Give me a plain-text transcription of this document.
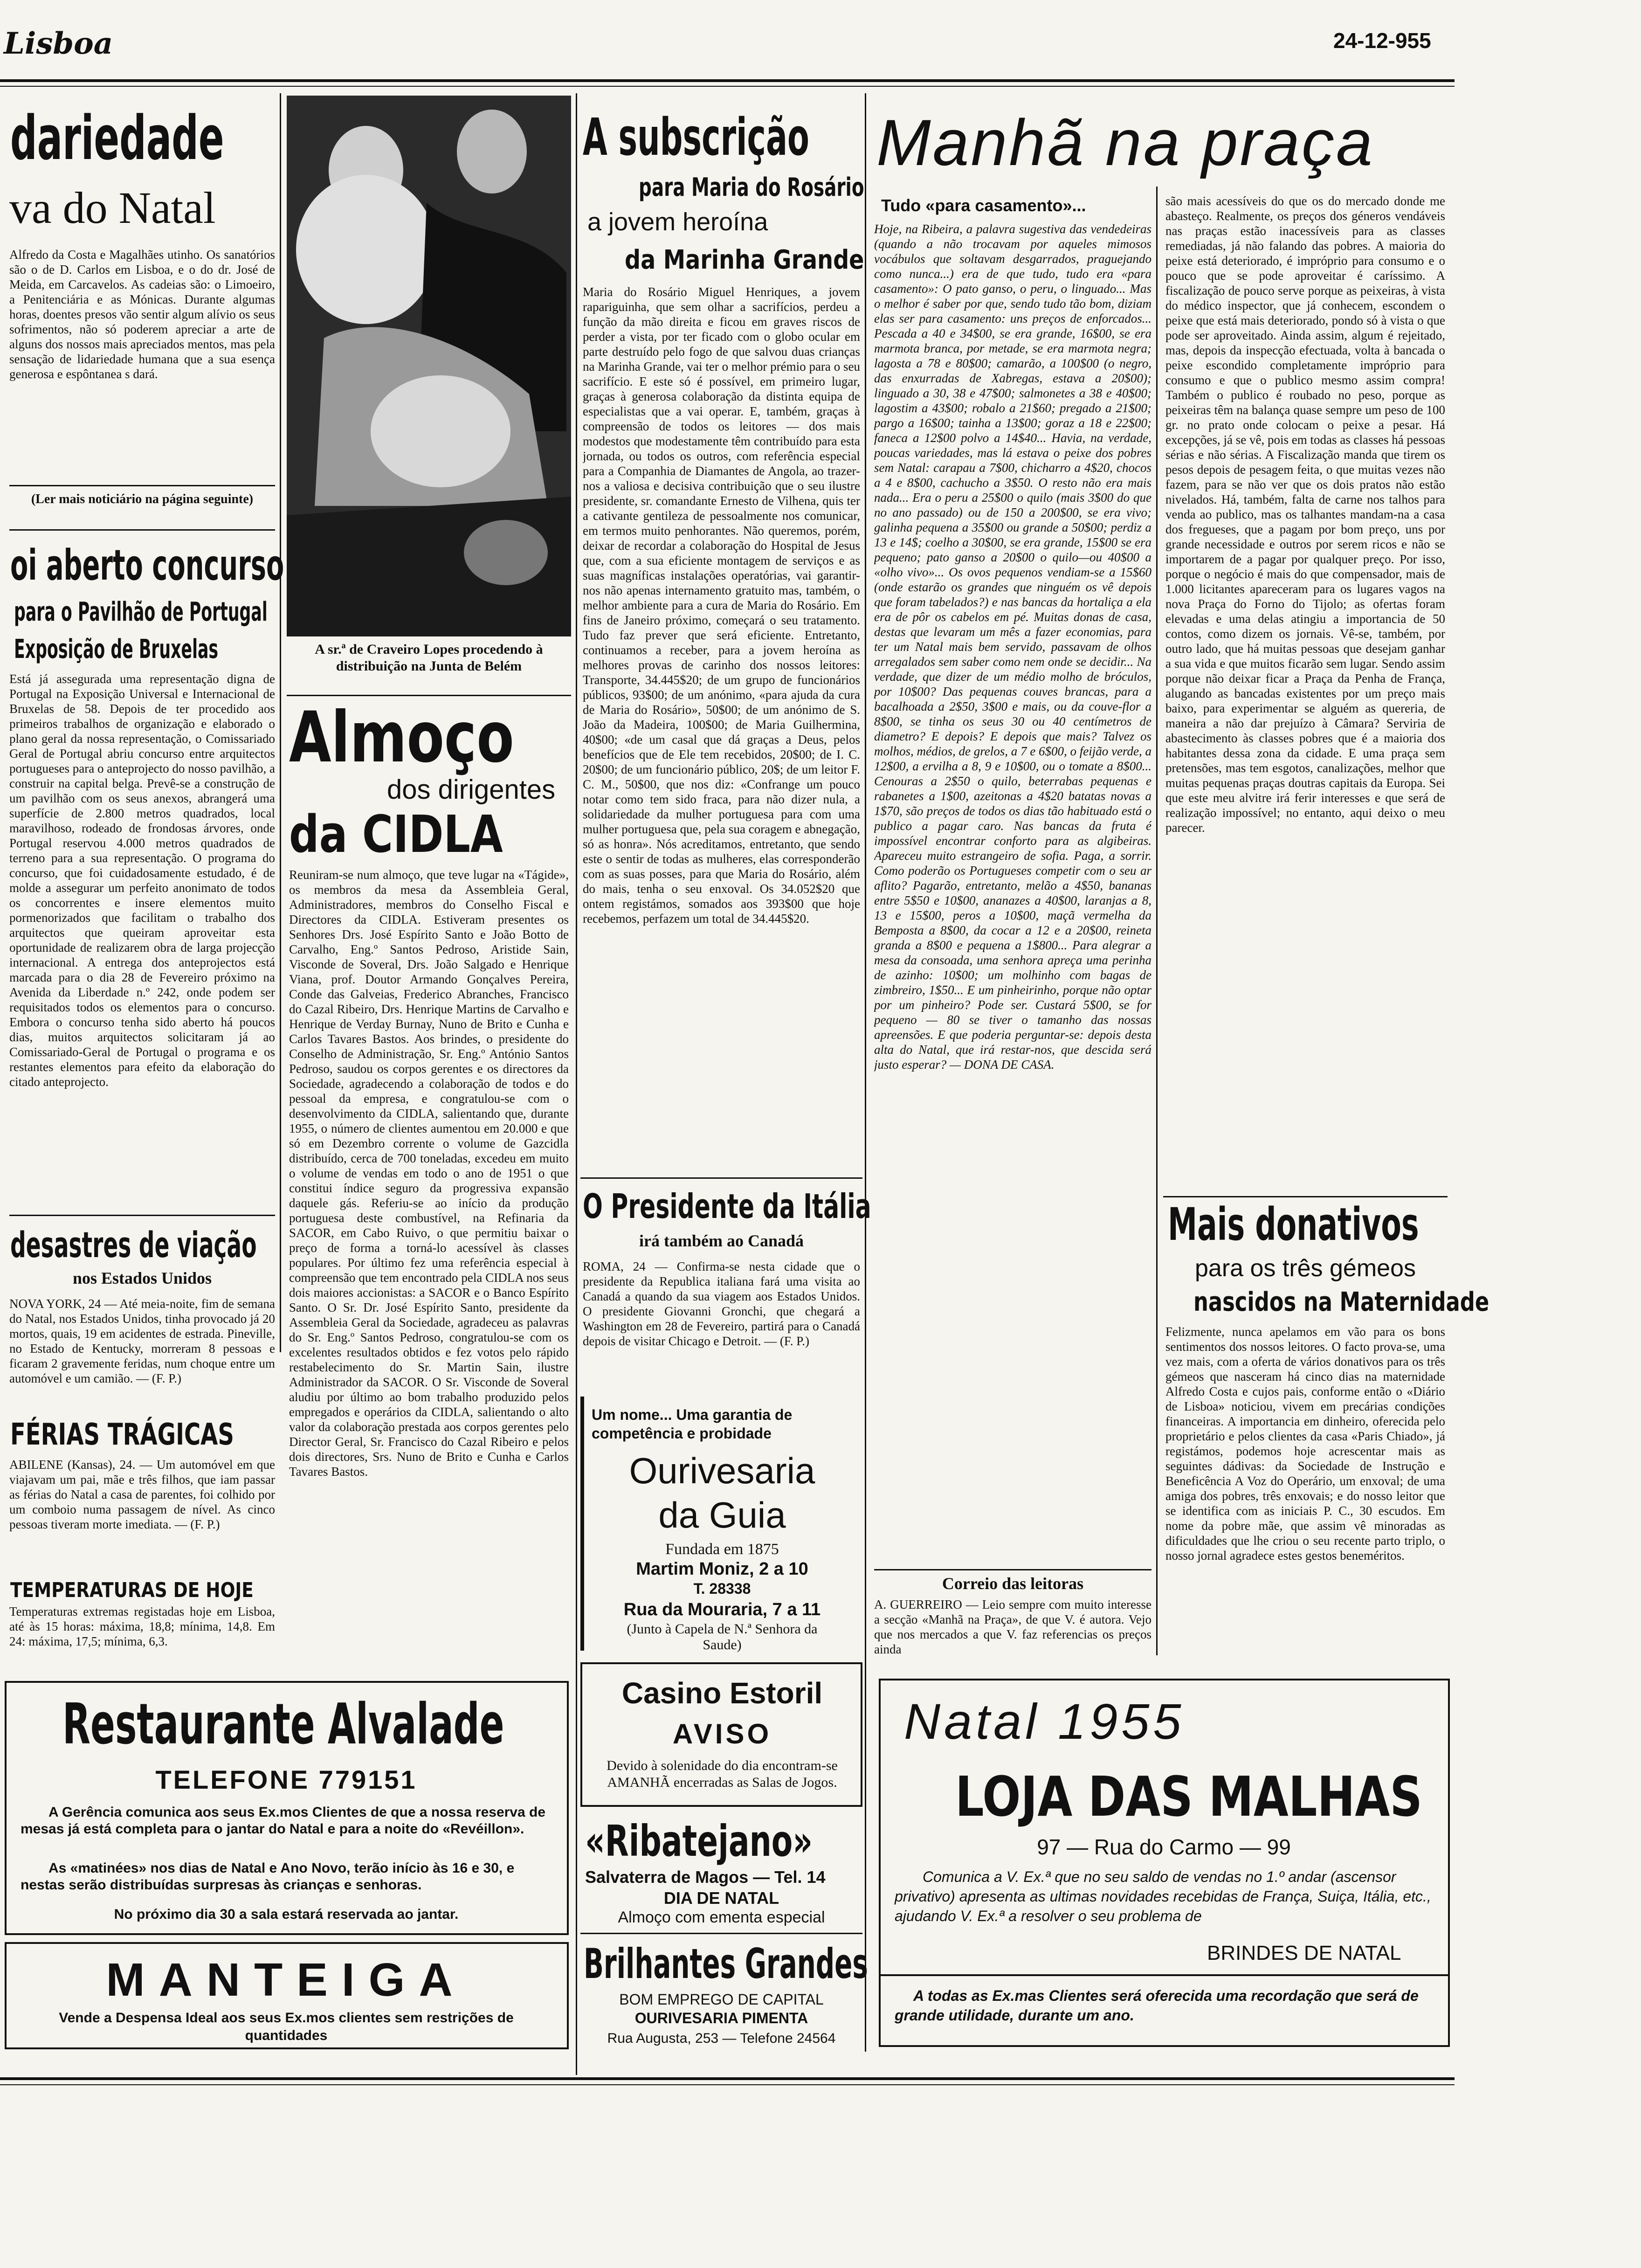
Lisboa	24-12-955
dariedade
va do Natal
Alfredo da Costa e Magalhães utinho. Os sanatórios são o de D. Carlos em Lisboa, e o do dr. José de Meida, em Carcavelos. As cadeias são: o Limoeiro, a Penitenciária e as Mónicas. Durante algumas horas, doentes presos vão sentir algum alívio os seus sofrimentos, não só poderem apreciar a arte de alguns dos nossos mais apreciados mentos, mas pela sensação de lidariedade humana que a sua esença generosa e espôntanea s dará.
(Ler mais noticiário na página seguinte)
oi aberto concurso
para o Pavilhão de Portugal
Exposição de Bruxelas
Está já assegurada uma representação digna de Portugal na Exposição Universal e Internacional de Bruxelas de 58. Depois de ter procedido aos primeiros trabalhos de organização e elaborado o plano geral da nossa representação, o Comissariado Geral de Portugal abriu concurso entre arquitectos portugueses para o anteprojecto do nosso pavilhão, a construir na capital belga. Prevê-se a construção de um pavilhão com os seus anexos, abrangerá uma superfície de 2.800 metros quadrados, local maravilhoso, rodeado de frondosas árvores, onde Portugal reservou 4.000 metros quadrados de terreno para a sua representação. O programa do concurso, que foi cuidadosamente estudado, é de molde a assegurar um perfeito anonimato de todos os concorrentes e insere elementos muito pormenorizados que facilitam o trabalho dos arquitectos que queiram aproveitar esta oportunidade de realizarem obra de larga projecção internacional. A entrega dos anteprojectos está marcada para o dia 28 de Fevereiro próximo na Avenida da Liberdade n.º 242, onde podem ser requisitados todos os elementos para o concurso. Embora o concurso tenha sido aberto há poucos dias, muitos arquitectos solicitaram já ao Comissariado-Geral de Portugal o programa e os restantes elementos para efeito da elaboração do citado anteprojecto.
desastres de viação
nos Estados Unidos
NOVA YORK, 24 — Até meia-noite, fim de semana do Natal, nos Estados Unidos, tinha provocado já 20 mortos, quais, 19 em acidentes de estrada. Pineville, no Estado de Kentucky, morreram 8 pessoas e ficaram 2 gravemente feridas, num choque entre um automóvel e um camião. — (F. P.)
FÉRIAS TRÁGICAS
ABILENE (Kansas), 24. — Um automóvel em que viajavam um pai, mãe e três filhos, que iam passar as férias do Natal a casa de parentes, foi colhido por um comboio numa passagem de nível. As cinco pessoas tiveram morte imediata. — (F. P.)
TEMPERATURAS DE HOJE
Temperaturas extremas registadas hoje em Lisboa, até às 15 horas: máxima, 18,8; mínima, 14,8. Em 24: máxima, 17,5; mínima, 6,3.
Restaurante Alvalade
TELEFONE 779151
A Gerência comunica aos seus Ex.mos Clientes de que a nossa reserva de mesas já está completa para o jantar do Natal e para a noite do «Revéillon».
As «matinées» nos dias de Natal e Ano Novo, terão início às 16 e 30, e nestas serão distribuídas surpresas às crianças e senhoras.
No próximo dia 30 a sala estará reservada ao jantar.
MANTEIGA
Vende a Despensa Ideal aos seus Ex.mos clientes sem restrições de quantidades
A sr.ª de Craveiro Lopes procedendo à distribuição na Junta de Belém
Almoço
dos dirigentes
da CIDLA
Reuniram-se num almoço, que teve lugar na «Tágide», os membros da mesa da Assembleia Geral, Administradores, membros do Conselho Fiscal e Directores da CIDLA. Estiveram presentes os Senhores Drs. José Espírito Santo e João Botto de Carvalho, Eng.º Santos Pedroso, Aristide Sain, Visconde de Soveral, Drs. João Salgado e Henrique Viana, prof. Doutor Armando Gonçalves Pereira, Conde das Galveias, Frederico Abranches, Francisco do Cazal Ribeiro, Drs. Henrique Martins de Carvalho e Henrique de Verday Burnay, Nuno de Brito e Cunha e Carlos Tavares Bastos. Aos brindes, o presidente do Conselho de Administração, Sr. Eng.º António Santos Pedroso, saudou os corpos gerentes e os directores da Sociedade, agradecendo a colaboração de todos e do pessoal da empresa, e congratulou-se com o desenvolvimento da CIDLA, salientando que, durante 1955, o número de clientes aumentou em 20.000 e que só em Dezembro corrente o volume de Gazcidla distribuído, cerca de 700 toneladas, excedeu em muito o volume de vendas em todo o ano de 1951 o que constitui índice seguro da progressiva expansão daquele gás. Referiu-se ao início da produção portuguesa deste combustível, na Refinaria da SACOR, em Cabo Ruivo, o que permitiu baixar o preço de forma a torná-lo acessível às classes populares. Por último fez uma referência especial à compreensão que tem encontrado pela CIDLA nos seus dois maiores accionistas: a SACOR e o Banco Espírito Santo. O Sr. Dr. José Espírito Santo, presidente da Assembleia Geral da Sociedade, agradeceu as palavras do Sr. Eng.º Santos Pedroso, congratulou-se com os excelentes resultados obtidos e fez votos pelo rápido restabelecimento do Sr. Martin Sain, ilustre Administrador da SACOR. O Sr. Visconde de Soveral aludiu por último ao bom trabalho produzido pelos empregados e operários da CIDLA, salientando o alto valor da colaboração prestada aos corpos gerentes pelo Director Geral, Sr. Francisco do Cazal Ribeiro e pelos dois directores, Srs. Nuno de Brito e Cunha e Carlos Tavares Bastos.
A subscrição
para Maria do Rosário
a jovem heroína
da Marinha Grande
Maria do Rosário Miguel Henriques, a jovem rapariguinha, que sem olhar a sacrifícios, perdeu a função da mão direita e ficou em graves riscos de perder a vista, por ter ficado com o globo ocular em parte destruído pelo fogo de que salvou duas crianças na Marinha Grande, vai ter o melhor prémio para o seu sacrifício. E este só é possível, em primeiro lugar, graças à generosa colaboração da distinta equipa de especialistas que a vai operar. E, também, graças à compreensão de todos os leitores — dos mais modestos que modestamente têm contribuído para esta jornada, ou todos os outros, com referência especial para a Companhia de Diamantes de Angola, ao trazer-nos a valiosa e decisiva contribuição que o seu ilustre presidente, sr. comandante Ernesto de Vilhena, quis ter a cativante gentileza de pessoalmente nos comunicar, em termos muito penhorantes. Não queremos, porém, deixar de recordar a colaboração do Hospital de Jesus que, com a sua eficiente montagem de serviços e as suas magníficas instalações operatórias, vai garantir-nos não apenas internamento gratuito mas, também, o melhor ambiente para a cura de Maria do Rosário. Em fins de Janeiro próximo, começará o seu tratamento. Tudo faz prever que será eficiente. Entretanto, continuamos a receber, para a jovem heroína as melhores provas de carinho dos nossos leitores: Transporte, 34.445$20; de um grupo de funcionários públicos, 93$00; de um anónimo, «para ajuda da cura de Maria do Rosário», 50$00; de um anónimo de S. João da Madeira, 100$00; de Maria Guilhermina, 40$00; «de um casal que dá graças a Deus, pelos benefícios que de Ele tem recebidos, 20$00; de I. C. 20$00; de um funcionário público, 20$; de um leitor F. C. M., 50$00, que nos diz: «Confrange um pouco notar como tem sido fraca, para não dizer nula, a solidariedade da mulher portuguesa para com uma mulher portuguesa que, pela sua coragem e abnegação, só as honra». Nós acreditamos, entretanto, que sendo este o sentir de todas as mulheres, elas corresponderão com as suas posses, para que Maria do Rosário, além do mais, tenha o seu enxoval. Os 34.052$20 que ontem registámos, somados aos 393$00 que hoje recebemos, perfazem um total de 34.445$20.
O Presidente da Itália
irá também ao Canadá
ROMA, 24 — Confirma-se nesta cidade que o presidente da Republica italiana fará uma visita ao Canadá a quando da sua viagem aos Estados Unidos. O presidente Giovanni Gronchi, que chegará a Washington em 28 de Fevereiro, partirá para o Canadá depois de visitar Chicago e Detroit. — (F. P.)
Um nome... Uma garantia de competência e probidade
Ourivesaria
da Guia
Fundada em 1875
Martim Moniz, 2 a 10
T. 28338
Rua da Mouraria, 7 a 11
(Junto à Capela de N.ª Senhora da Saude)
Casino Estoril
AVISO
Devido à solenidade do dia encontram-se AMANHÃ encerradas as Salas de Jogos.
«Ribatejano»
Salvaterra de Magos — Tel. 14
DIA DE NATAL
Almoço com ementa especial
Brilhantes Grandes
BOM EMPREGO DE CAPITAL
OURIVESARIA PIMENTA
Rua Augusta, 253 — Telefone 24564
Manhã na praça
Tudo «para casamento»...
Hoje, na Ribeira, a palavra sugestiva das vendedeiras (quando a não trocavam por aqueles mimosos vocábulos que soltavam desgarrados, praguejando como nunca...) era de que tudo, tudo era «para casamento»: O pato ganso, o peru, o linguado... Mas o melhor é saber por que, sendo tudo tão bom, diziam elas ser para casamento: uns preços de enforcados... Pescada a 40 e 34$00, se era grande, 16$00, se era marmota branca, por metade, se era marmota negra; lagosta a 78 e 80$00; camarão, a 100$00 (o negro, das enxurradas de Xabregas, estava a 20$00); linguado a 30, 38 e 47$00; salmonetes a 38 e 40$00; lagostim a 43$00; robalo a 21$60; pregado a 21$00; pargo a 16$00; tainha a 13$00; goraz a 18 e 22$00; faneca a 12$00 polvo a 14$40... Havia, na verdade, poucas variedades, mas lá estava o peixe dos pobres sem Natal: carapau a 7$00, chicharro a 4$20, chocos a 4 e 8$00, cachucho a 3$50. O resto não era mais nada... Era o peru a 25$00 o quilo (mais 3$00 do que no ano passado) ou de 150 a 200$00, se era vivo; galinha pequena a 35$00 ou grande a 50$00; perdiz a 13 e 14$; coelho a 30$00, se era grande, 15$00 se era pequeno; pato ganso a 20$00 o quilo—ou 40$00 a «olho vivo»... Os ovos pequenos vendiam-se a 15$60 (onde estarão os grandes que ninguém os vê depois que foram tabelados?) e nas bancas da hortaliça a ela era de pôr os cabelos em pé. Muitas donas de casa, destas que levaram um mês a fazer economias, para ter um Natal mais bem servido, passavam de olhos arregalados sem saber como nem onde se decidir... Na verdade, que dizer de um médio molho de bróculos, por 10$00? Das pequenas couves brancas, para a bacalhoada a 2$50, 3$00 e mais, ou da couve-flor a 8$00, se tinha os seus 30 ou 40 centímetros de diametro? E depois? E depois que mais? Talvez os molhos, médios, de grelos, a 7 e 6$00, o feijão verde, a 12$00, a ervilha a 8, 9 e 10$00, ou o tomate a 8$00... Cenouras a 2$50 o quilo, beterrabas pequenas e rabanetes a 1$00, azeitonas a 4$20 batatas novas a 1$70, são preços de todos os dias tão habituado está o publico a pagar caro. Nas bancas da fruta é impossível encontrar conforto para as algibeiras. Apareceu muito estrangeiro de sofia. Paga, a sorrir. Como poderão os Portugueses competir com o seu ar aflito? Pagarão, entretanto, melão a 4$50, bananas entre 5$50 e 10$00, ananazes a 40$00, laranjas a 8, 13 e 15$00, peros a 10$00, maçã vermelha da Bemposta a 8$00, da cocar a 12 e a 20$00, reineta granda a 8$00 e pequena a 1$800... Para alegrar a mesa da consoada, uma senhora apreça uma perinha de azinho: 10$00; um molhinho com bagas de zimbreiro, 1$50... E um pinheirinho, porque não optar por um pinheiro? Pode ser. Custará 5$00, se for pequeno — 80 se tiver o tamanho das nossas apreensões. E que poderia perguntar-se: depois desta alta do Natal, que irá restar-nos, que descida será justo esperar? — DONA DE CASA.
Correio das leitoras
A. GUERREIRO — Leio sempre com muito interesse a secção «Manhã na Praça», de que V. é autora. Vejo que nos mercados a que V. faz referencias os preços ainda
são mais acessíveis do que os do mercado donde me abasteço. Realmente, os preços dos géneros vendáveis nas praças estão inacessíveis para as classes remediadas, já não falando das pobres. A maioria do peixe está deteriorado, é impróprio para consumo e o pouco que se pode aproveitar é caríssimo. A fiscalização de pouco serve porque as peixeiras, à vista do médico inspector, que já conhecem, escondem o peixe que está mais deteriorado, pondo só à vista o que pode ser aproveitado. Ainda assim, algum é rejeitado, mas, depois da inspecção efectuada, volta à bancada o peixe escondido completamente impróprio para consumo e que o publico mesmo assim compra! Também o publico é roubado no peso, porque as peixeiras têm na balança quase sempre um peso de 100 gr. no prato onde colocam o peixe a pesar. Há excepções, já se vê, pois em todas as classes há pessoas sérias e não sérias. A Fiscalização manda que tirem os pesos depois de pesagem feita, o que muitas vezes não fazem, para se não ver que os dois pratos não estão nivelados. Há, também, falta de carne nos talhos para venda ao publico, mas os talhantes mandam-na a casa dos fregueses, que a pagam por bom preço, uns por grande necessidade e outros por serem ricos e não se importarem de a pagar por qualquer preço. Por isso, porque o negócio é mais do que compensador, mais de 1.000 licitantes apareceram para os lugares vagos na nova Praça do Forno do Tijolo; as ofertas foram elevadas e uma delas atingiu a importancia de 50 contos, como dizem os jornais. Vê-se, também, por outro lado, que há muitas pessoas que desejam ganhar a sua vida e que muitos ficarão sem lugar. Sendo assim porque não deixar ficar a Praça da Penha de França, alugando as bancadas existentes por um preço mais baixo, para experimentar se alguém as quereria, de maneira a não dar prejuízo à Câmara? Serviria de abastecimento às classes pobres que é a maioria dos habitantes dessa zona da cidade. E uma praça sem pretensões, mas tem esgotos, canalizações, melhor que muitas pequenas praças doutras capitais da Europa. Sei que este meu alvitre irá ferir interesses e que será de realização impossível; no entanto, aqui deixo o meu parecer.
Mais donativos
para os três gémeos
nascidos na Maternidade
Felizmente, nunca apelamos em vão para os bons sentimentos dos nossos leitores. O facto prova-se, uma vez mais, com a oferta de vários donativos para os três gémeos que nasceram há cinco dias na maternidade Alfredo Costa e cujos pais, conforme então o «Diário de Lisboa» noticiou, vivem em precárias condições financeiras. A importancia em dinheiro, oferecida pelo proprietário e pelos clientes da casa «Paris Chiado», já registámos, podemos hoje acrescentar mais as seguintes dádivas: da Sociedade de Instrução e Beneficência A Voz do Operário, um enxoval; de uma amiga dos pobres, três enxovais; e do nosso leitor que se identifica com as iniciais P. C., 30 escudos. Em nome da pobre mãe, que assim vê minoradas as dificuldades que lhe criou o seu recente parto triplo, o nosso jornal agradece estes gestos beneméritos.
Natal 1955
LOJA DAS MALHAS
97 — Rua do Carmo — 99
Comunica a V. Ex.ª que no seu saldo de vendas no 1.º andar (ascensor privativo) apresenta as ultimas novidades recebidas de França, Suiça, Itália, etc., ajudando V. Ex.ª a resolver o seu problema de
BRINDES DE NATAL
A todas as Ex.mas Clientes será oferecida uma recordação que será de grande utilidade, durante um ano.
